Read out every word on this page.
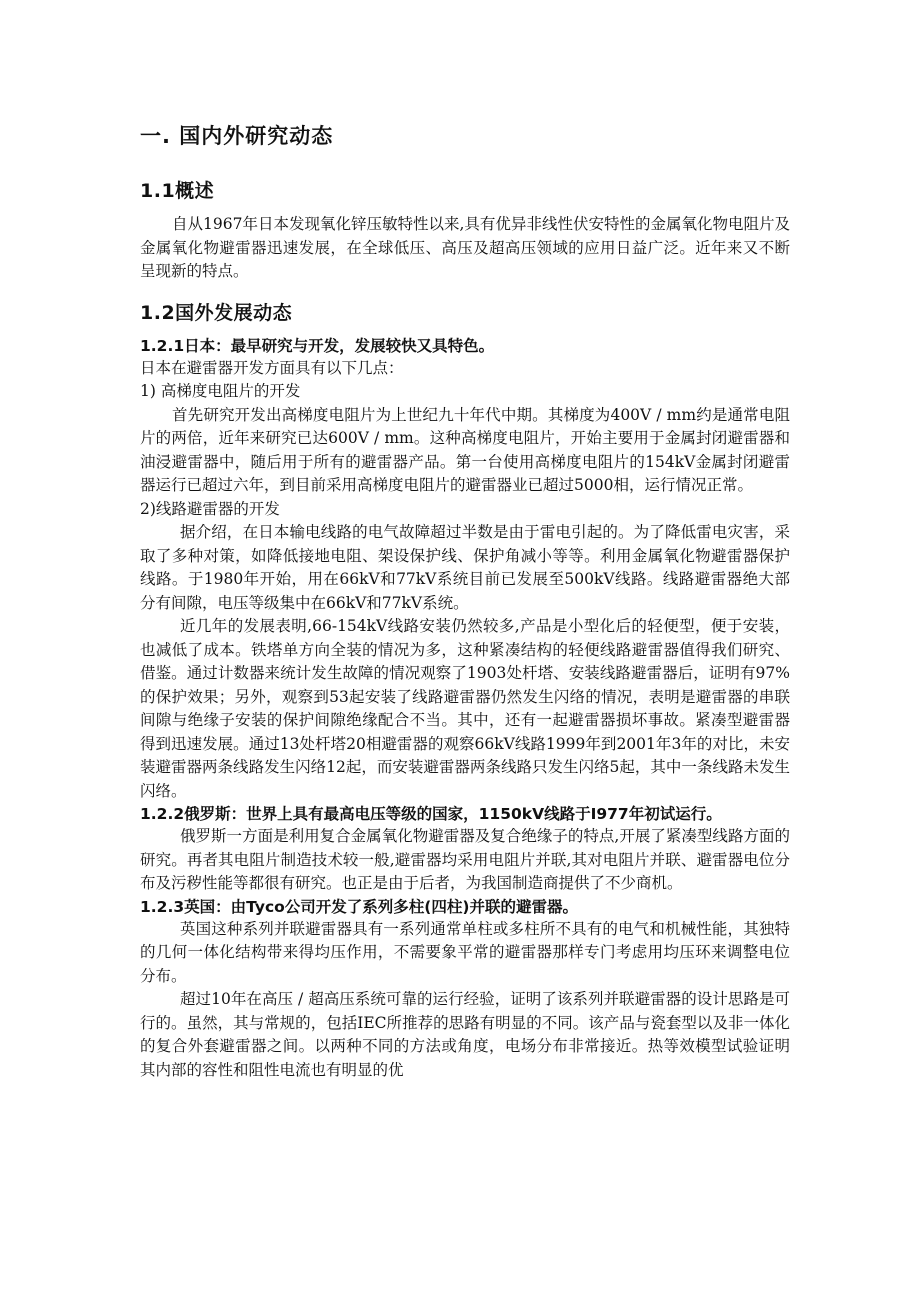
一. 国内外研究动态
1.1概述

自从1967年日本发现氧化锌压敏特性以来,具有优异非线性伏安特性的金属氧化物电阻片及金属氧化物避雷器迅速发展，在全球低压、高压及超高压领域的应用日益广泛。近年来又不断呈现新的特点。

1.2国外发展动态
1.2.1日本：最早研究与开发，发展较快又具特色。

日本在避雷器开发方面具有以下几点：

1) 高梯度电阻片的开发

首先研究开发出高梯度电阻片为上世纪九十年代中期。其梯度为400V / mm约是通常电阻片的两倍，近年来研究已达600V / mm。这种高梯度电阻片，开始主要用于金属封闭避雷器和油浸避雷器中，随后用于所有的避雷器产品。第一台使用高梯度电阻片的154kV金属封闭避雷器运行已超过六年，到目前采用高梯度电阻片的避雷器业已超过5000相，运行情况正常。

2)线路避雷器的开发

据介绍，在日本输电线路的电气故障超过半数是由于雷电引起的。为了降低雷电灾害，采取了多种对策，如降低接地电阻、架设保护线、保护角减小等等。利用金属氧化物避雷器保护线路。于1980年开始，用在66kV和77kV系统目前已发展至500kV线路。线路避雷器绝大部分有间隙，电压等级集中在66kV和77kV系统。

近几年的发展表明,66-154kV线路安装仍然较多,产品是小型化后的轻便型，便于安装，也减低了成本。铁塔单方向全装的情况为多，这种紧凑结构的轻便线路避雷器值得我们研究、借鉴。通过计数器来统计发生故障的情况观察了1903处杆塔、安装线路避雷器后，证明有97% 的保护效果；另外，观察到53起安装了线路避雷器仍然发生闪络的情况，表明是避雷器的串联间隙与绝缘子安装的保护间隙绝缘配合不当。其中，还有一起避雷器损坏事故。紧凑型避雷器得到迅速发展。通过13处杆塔20相避雷器的观察66kV线路1999年到2001年3年的对比，未安装避雷器两条线路发生闪络12起，而安装避雷器两条线路只发生闪络5起，其中一条线路未发生闪络。

1.2.2俄罗斯：世界上具有最高电压等级的国家，1150kV线路于I977年初试运行。

俄罗斯一方面是利用复合金属氧化物避雷器及复合绝缘子的特点,开展了紧凑型线路方面的研究。再者其电阻片制造技术较一般,避雷器均采用电阻片并联,其对电阻片并联、避雷器电位分布及污秽性能等都很有研究。也正是由于后者，为我国制造商提供了不少商机。

1.2.3英国：由Tyco公司开发了系列多柱(四柱)并联的避雷器。

英国这种系列并联避雷器具有一系列通常单柱或多柱所不具有的电气和机械性能，其独特的几何一体化结构带来得均压作用，不需要象平常的避雷器那样专门考虑用均压环来调整电位分布。

超过10年在高压 / 超高压系统可靠的运行经验，证明了该系列并联避雷器的设计思路是可行的。虽然，其与常规的，包括IEC所推荐的思路有明显的不同。该产品与瓷套型以及非一体化的复合外套避雷器之间。以两种不同的方法或角度，电场分布非常接近。热等效模型试验证明其内部的容性和阻性电流也有明显的优
